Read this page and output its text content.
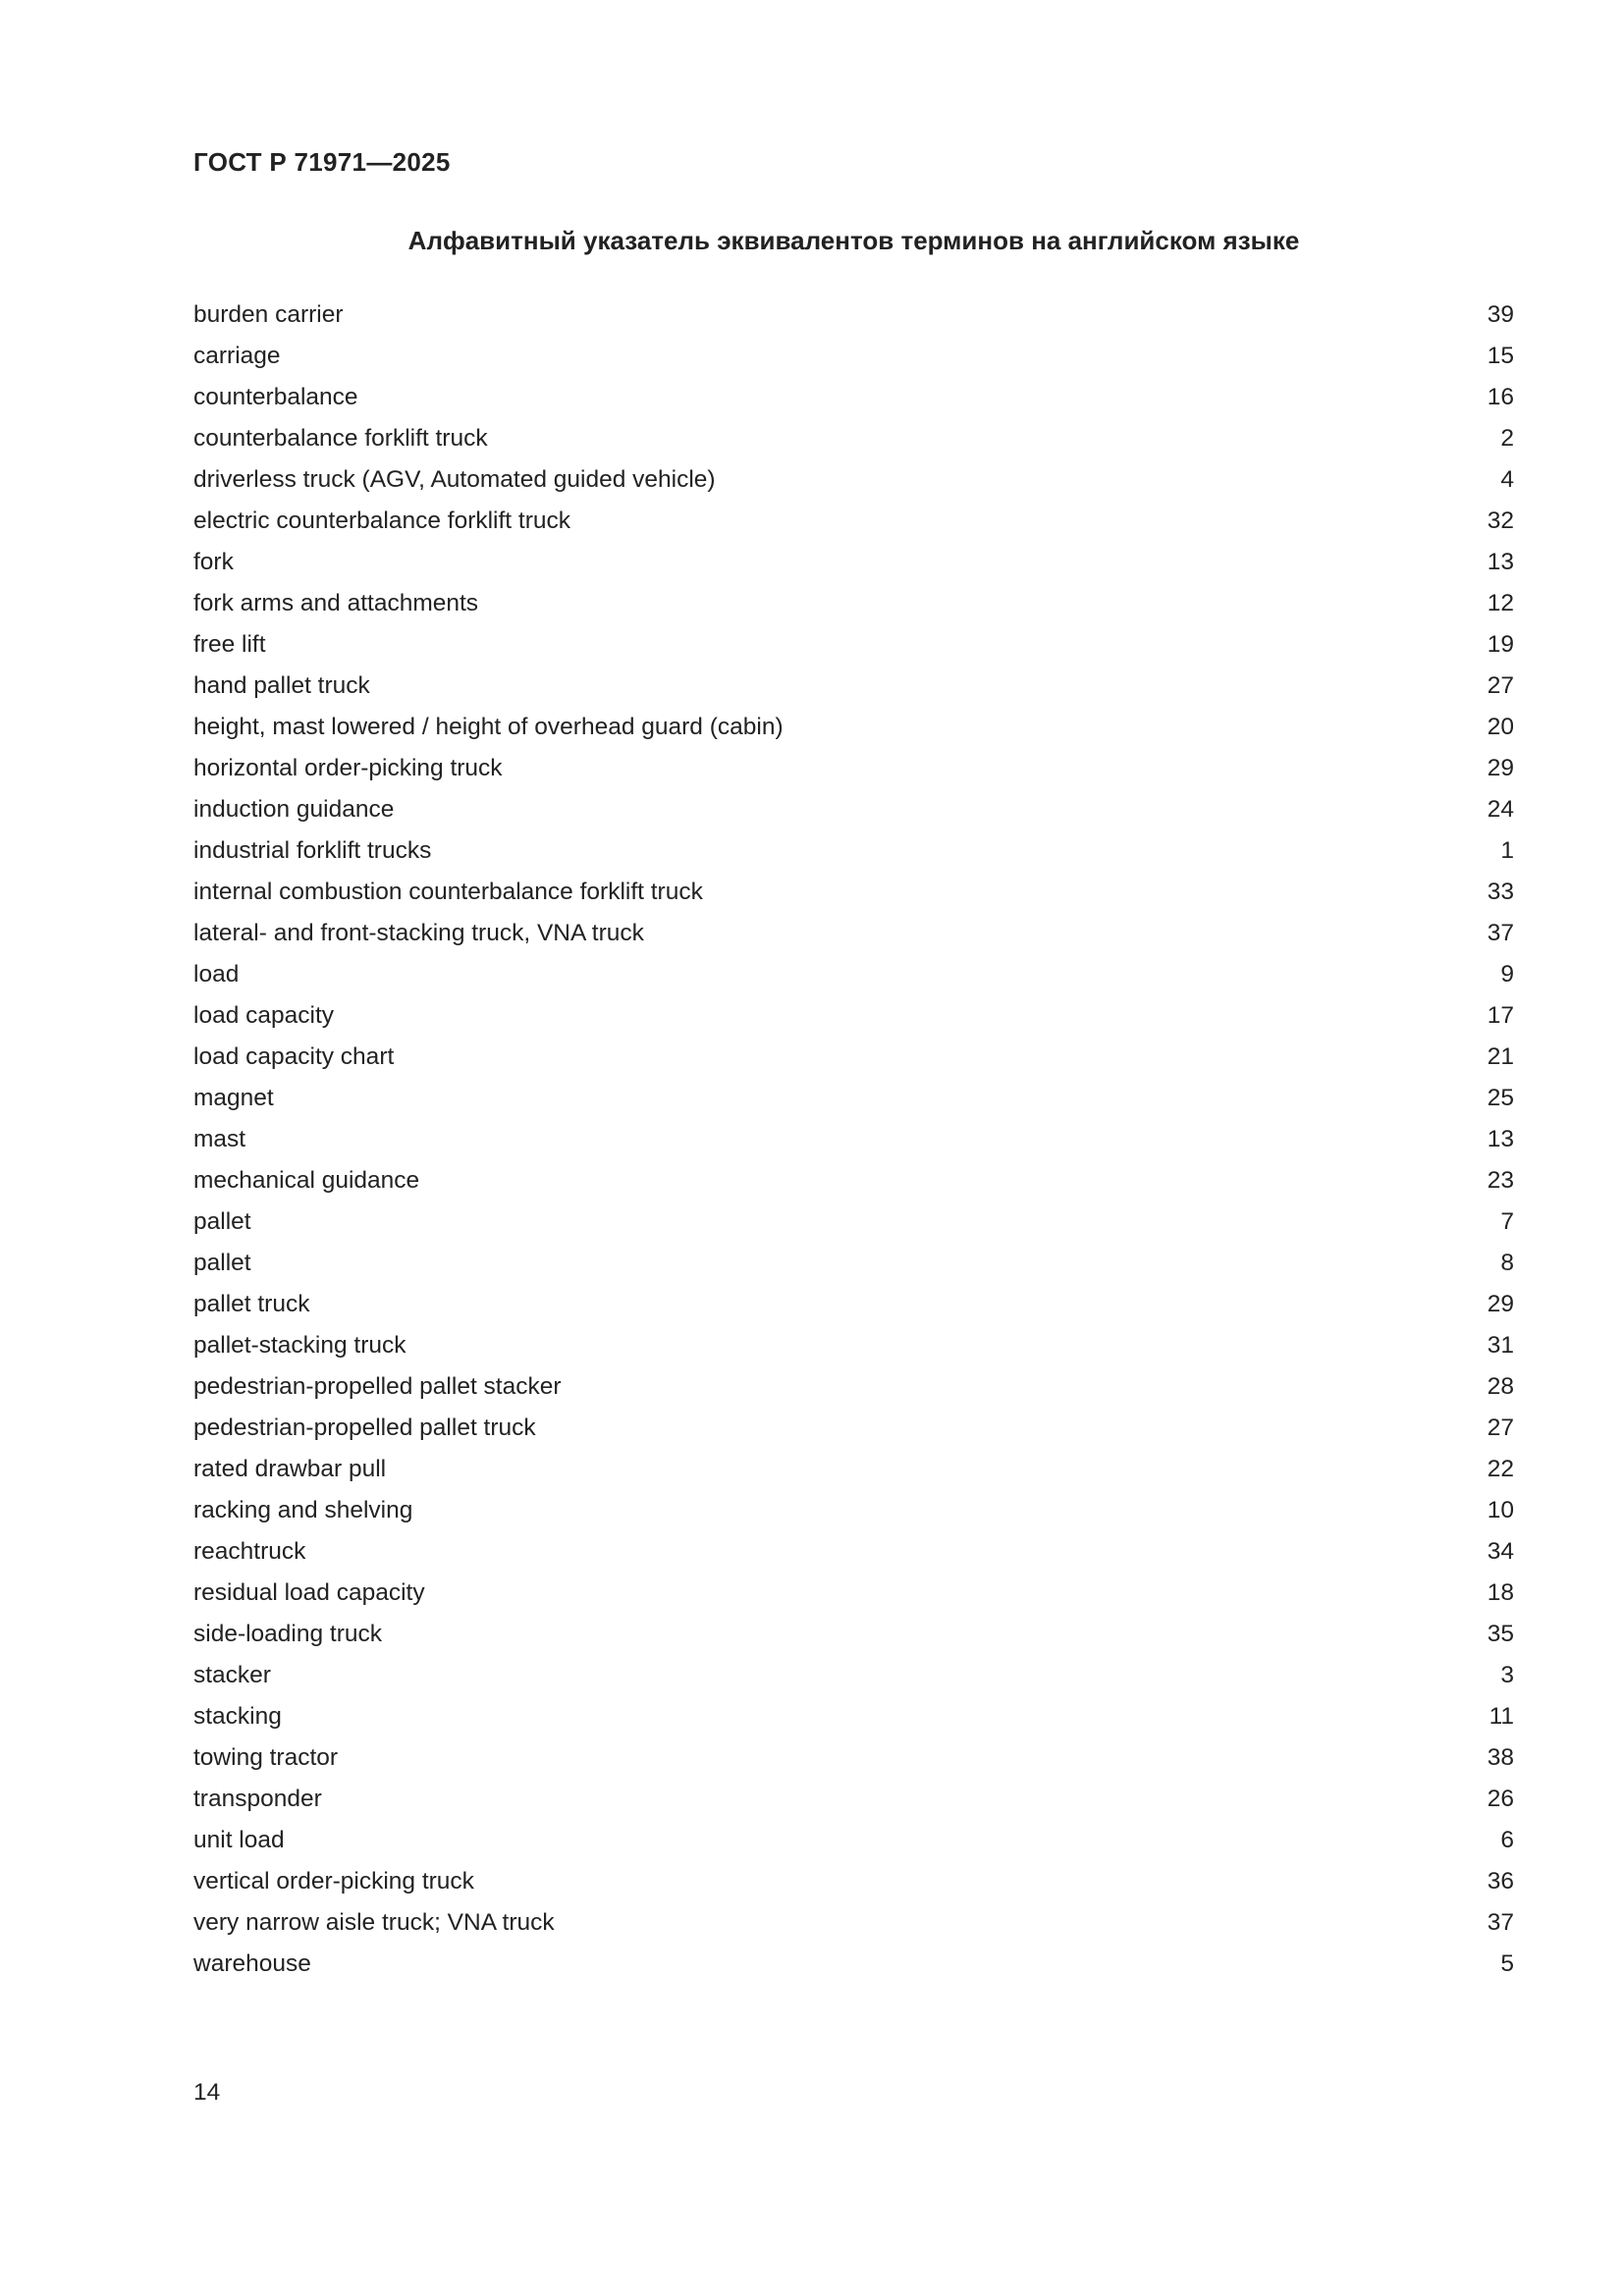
ГОСТ Р 71971—2025
Алфавитный указатель эквивалентов терминов на английском языке
burden carrier	39
carriage	15
counterbalance	16
counterbalance forklift truck	2
driverless truck (AGV, Automated guided vehicle)	4
electric counterbalance forklift truck	32
fork	13
fork arms and attachments	12
free lift	19
hand pallet truck	27
height, mast lowered / height of overhead guard (cabin)	20
horizontal order-picking truck	29
induction guidance	24
industrial forklift trucks	1
internal combustion counterbalance forklift truck	33
lateral- and front-stacking truck, VNA truck	37
load	9
load capacity	17
load capacity chart	21
magnet	25
mast	13
mechanical guidance	23
pallet	7
pallet	8
pallet truck	29
pallet-stacking truck	31
pedestrian-propelled pallet stacker	28
pedestrian-propelled pallet truck	27
rated drawbar pull	22
racking and shelving	10
reachtruck	34
residual load capacity	18
side-loading truck	35
stacker	3
stacking	11
towing tractor	38
transponder	26
unit load	6
vertical order-picking truck	36
very narrow aisle truck; VNA truck	37
warehouse	5
14
